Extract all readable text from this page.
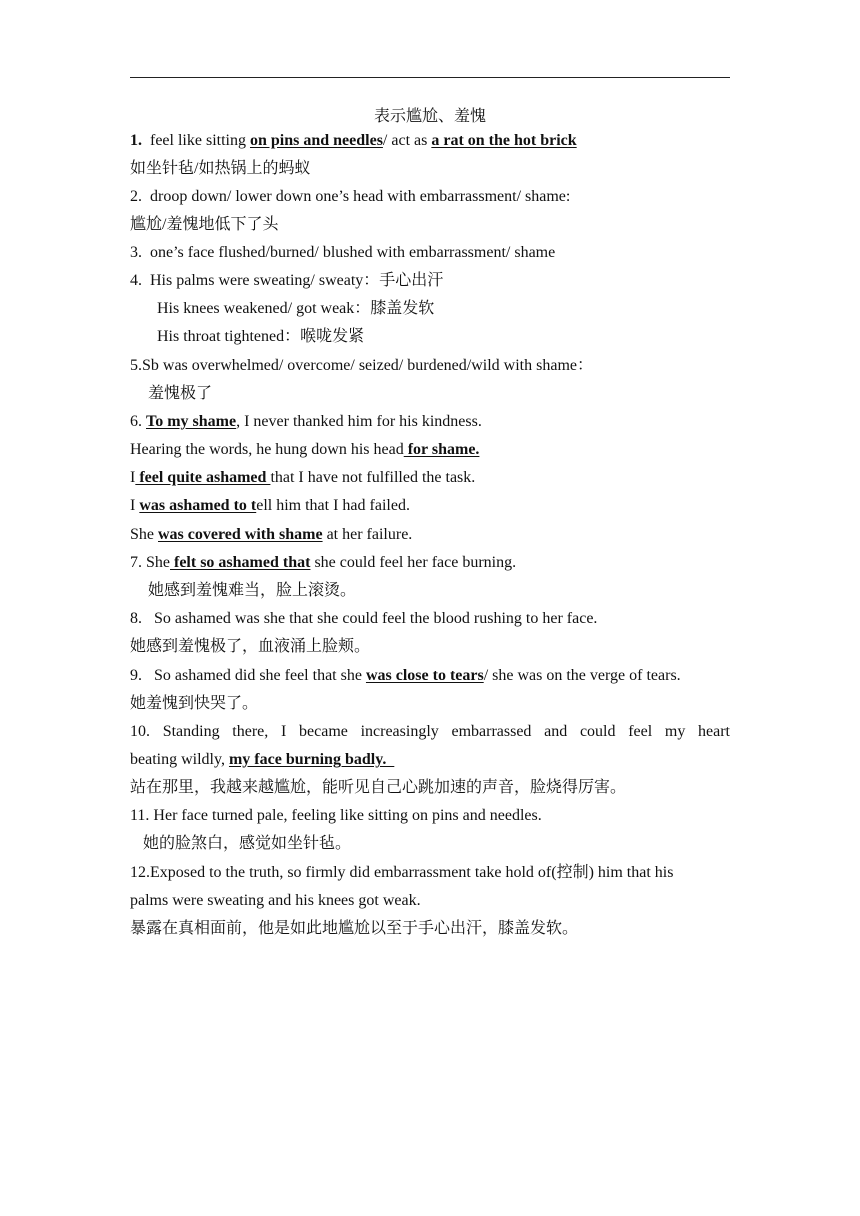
表示尴尬、羞愧
1.  feel like sitting on pins and needles/ act as a rat on the hot brick
如坐针毡/如热锅上的蚂蚁
2.  droop down/ lower down one’s head with embarrassment/ shame:
尴尬/羞愧地低下了头
3.  one’s face flushed/burned/ blushed with embarrassment/ shame
4.  His palms were sweating/ sweaty：手心出汗
His knees weakened/ got weak：膝盖发软
His throat tightened：喉咙发紧
5.Sb was overwhelmed/ overcome/ seized/ burdened/wild with shame：
羞愧极了
6. To my shame, I never thanked him for his kindness.
Hearing the words, he hung down his head for shame.
I feel quite ashamed that I have not fulfilled the task.
I was ashamed to tell him that I had failed.
She was covered with shame at her failure.
7. She felt so ashamed that she could feel her face burning.
她感到羞愧难当，脸上滚烫。
8.   So ashamed was she that she could feel the blood rushing to her face.
她感到羞愧极了，血液涌上脸颊。
9.   So ashamed did she feel that she was close to tears/ she was on the verge of tears.
她羞愧到快哭了。
10. Standing there, I became increasingly embarrassed and could feel my heart
beating wildly, my face burning badly.
站在那里，我越来越尴尬，能听见自己心跳加速的声音，脸烧得厉害。
11. Her face turned pale, feeling like sitting on pins and needles.
她的脸煞白，感觉如坐针毡。
12.Exposed to the truth, so firmly did embarrassment take hold of(控制) him that his
palms were sweating and his knees got weak.
暴露在真相面前，他是如此地尴尬以至于手心出汗，膝盖发软。
